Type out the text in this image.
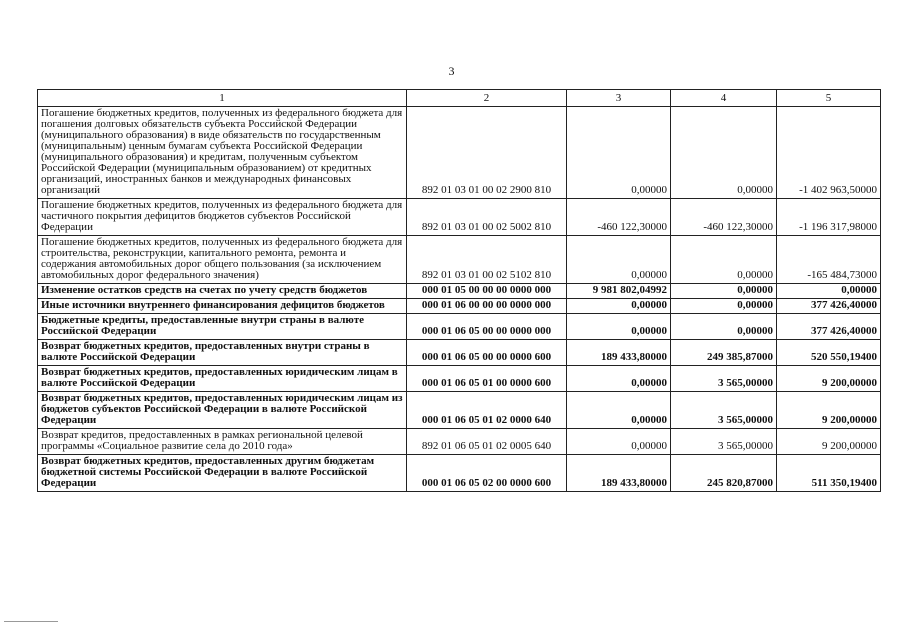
3
1	2	3	4	5
Погашение бюджетных кредитов, полученных из федерального бюджета для погашения долговых обязательств субъекта Российской Федерации (муниципального образования) в виде обязательств по государственным (муниципальным) ценным бумагам субъекта Российской Федерации (муниципального образования) и кредитам, полученным субъектом Российской Федерации (муниципальным образованием) от кредитных организаций, иностранных банков и международных финансовых организаций	892 01 03 01 00 02 2900 810	0,00000	0,00000	-1 402 963,50000
Погашение бюджетных кредитов, полученных из федерального бюджета для частичного покрытия дефицитов бюджетов субъектов Российской Федерации	892 01 03 01 00 02 5002 810	-460 122,30000	-460 122,30000	-1 196 317,98000
Погашение бюджетных кредитов, полученных из федерального бюджета для строительства, реконструкции, капитального ремонта, ремонта и содержания автомобильных дорог общего пользования (за исключением автомобильных дорог федерального значения)	892 01 03 01 00 02 5102 810	0,00000	0,00000	-165 484,73000
Изменение остатков средств на счетах по учету средств бюджетов	000 01 05 00 00 00 0000 000	9 981 802,04992	0,00000	0,00000
Иные источники внутреннего финансирования дефицитов бюджетов	000 01 06 00 00 00 0000 000	0,00000	0,00000	377 426,40000
Бюджетные кредиты, предоставленные внутри страны в валюте Российской Федерации	000 01 06 05 00 00 0000 000	0,00000	0,00000	377 426,40000
Возврат бюджетных кредитов, предоставленных внутри страны в валюте Российской Федерации	000 01 06 05 00 00 0000 600	189 433,80000	249 385,87000	520 550,19400
Возврат бюджетных кредитов, предоставленных юридическим лицам в валюте Российской Федерации	000 01 06 05 01 00 0000 600	0,00000	3 565,00000	9 200,00000
Возврат бюджетных кредитов, предоставленных юридическим лицам из бюджетов субъектов Российской Федерации в валюте Российской Федерации	000 01 06 05 01 02 0000 640	0,00000	3 565,00000	9 200,00000
Возврат кредитов, предоставленных в рамках региональной целевой программы «Социальное развитие села до 2010 года»	892 01 06 05 01 02 0005 640	0,00000	3 565,00000	9 200,00000
Возврат бюджетных кредитов, предоставленных другим бюджетам бюджетной системы Российской Федерации в валюте Российской Федерации	000 01 06 05 02 00 0000 600	189 433,80000	245 820,87000	511 350,19400
